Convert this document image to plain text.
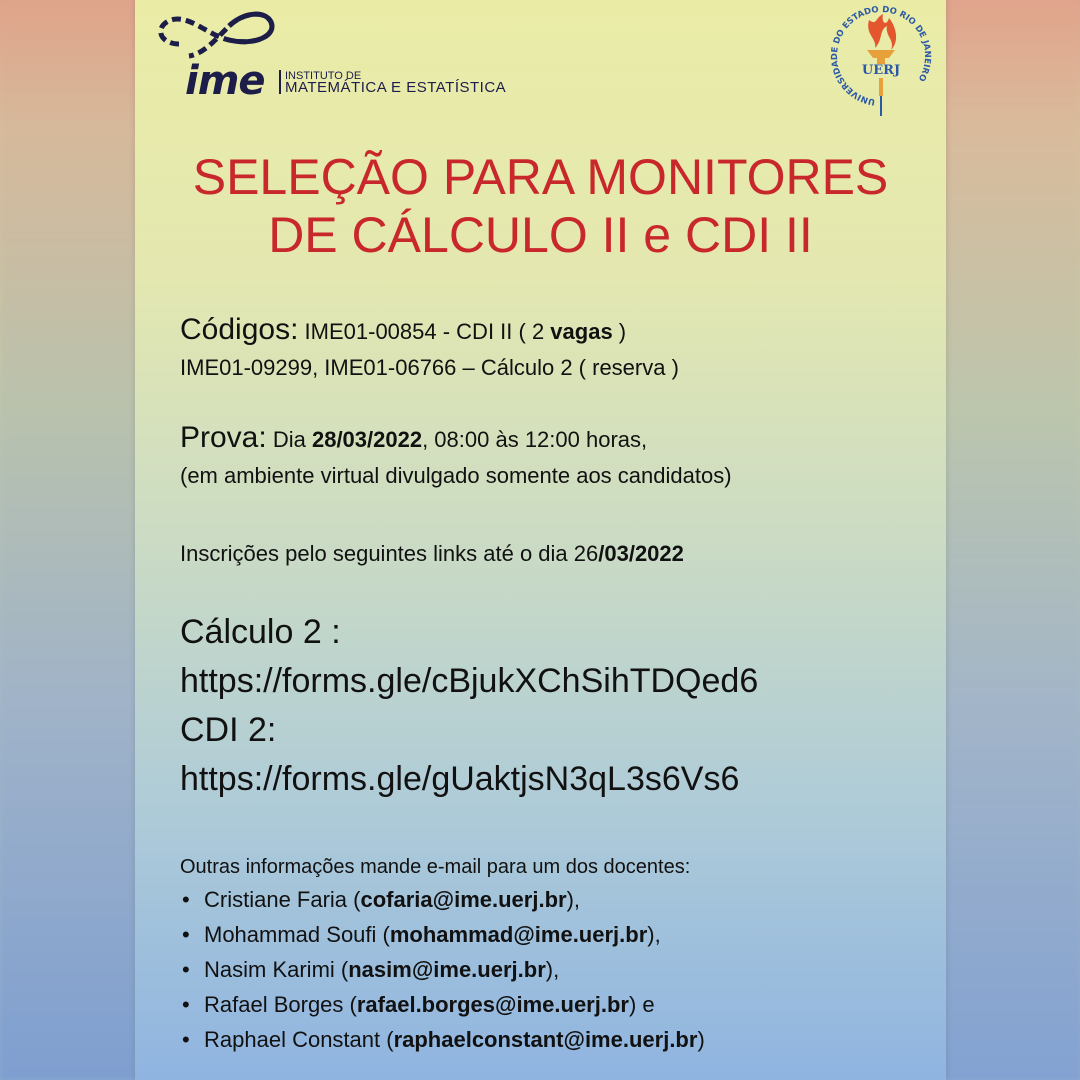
ime INSTITUTO DE
MATEMÁTICA E ESTATÍSTICA
UNIVERSIDADE DO ESTADO DO RIO DE JANEIRO
UERJ
SELEÇÃO PARA MONITORES
DE CÁLCULO II e CDI II
Códigos: IME01-00854 - CDI II ( 2 vagas )
IME01-09299, IME01-06766 – Cálculo 2 ( reserva )
Prova: Dia 28/03/2022, 08:00 às 12:00 horas,
(em ambiente virtual divulgado somente aos candidatos)
Inscrições pelo seguintes links até o dia 26/03/2022
Cálculo 2 :
https://forms.gle/cBjukXChSihTDQed6
CDI 2:
https://forms.gle/gUaktjsN3qL3s6Vs6
Outras informações mande e-mail para um dos docentes:
• Cristiane Faria (cofaria@ime.uerj.br),
• Mohammad Soufi (mohammad@ime.uerj.br),
• Nasim Karimi (nasim@ime.uerj.br),
• Rafael Borges (rafael.borges@ime.uerj.br) e
• Raphael Constant (raphaelconstant@ime.uerj.br)
